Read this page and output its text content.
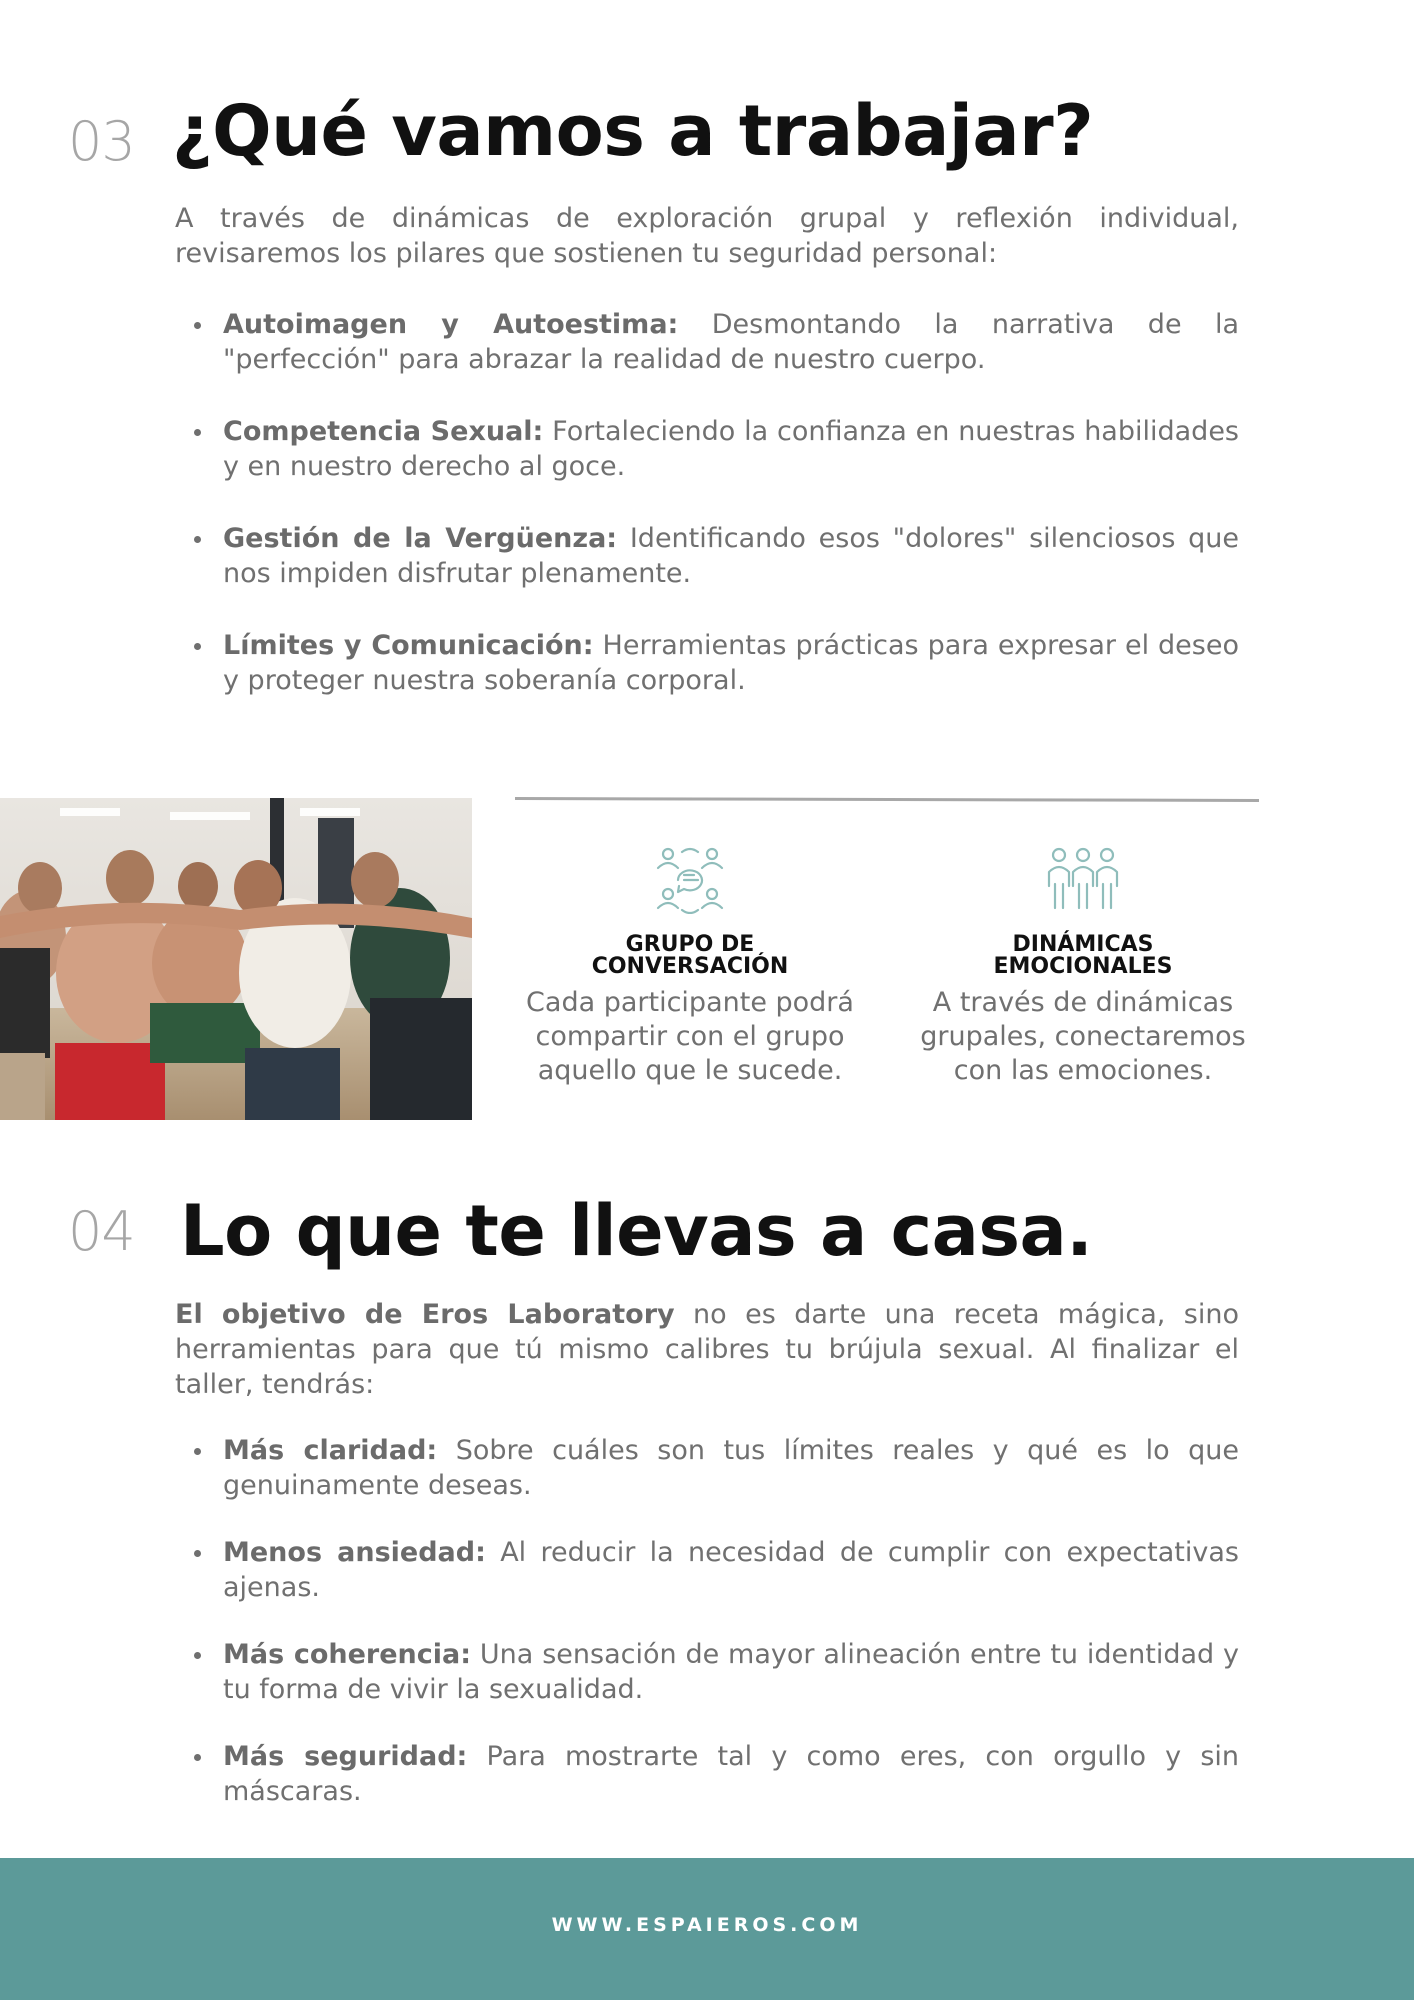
03 ¿Qué vamos a trabajar?

A través de dinámicas de exploración grupal y reflexión individual, revisaremos los pilares que sostienen tu seguridad personal:

Autoimagen y Autoestima: Desmontando la narrativa de la "perfección" para abrazar la realidad de nuestro cuerpo.
Competencia Sexual: Fortaleciendo la confianza en nuestras habilidades y en nuestro derecho al goce.
Gestión de la Vergüenza: Identificando esos "dolores" silenciosos que nos impiden disfrutar plenamente.
Límites y Comunicación: Herramientas prácticas para expresar el deseo y proteger nuestra soberanía corporal.
GRUPO DE
CONVERSACIÓN
Cada participante podrá compartir con el grupo aquello que le sucede.
DINÁMICAS
EMOCIONALES
A través de dinámicas grupales, conectaremos con las emociones.
04 Lo que te llevas a casa.

El objetivo de Eros Laboratory no es darte una receta mágica, sino herramientas para que tú mismo calibres tu brújula sexual. Al finalizar el taller, tendrás:

Más claridad: Sobre cuáles son tus límites reales y qué es lo que genuinamente deseas.
Menos ansiedad: Al reducir la necesidad de cumplir con expectativas ajenas.
Más coherencia: Una sensación de mayor alineación entre tu identidad y tu forma de vivir la sexualidad.
Más seguridad: Para mostrarte tal y como eres, con orgullo y sin máscaras.
WWW.ESPAIEROS.COM
